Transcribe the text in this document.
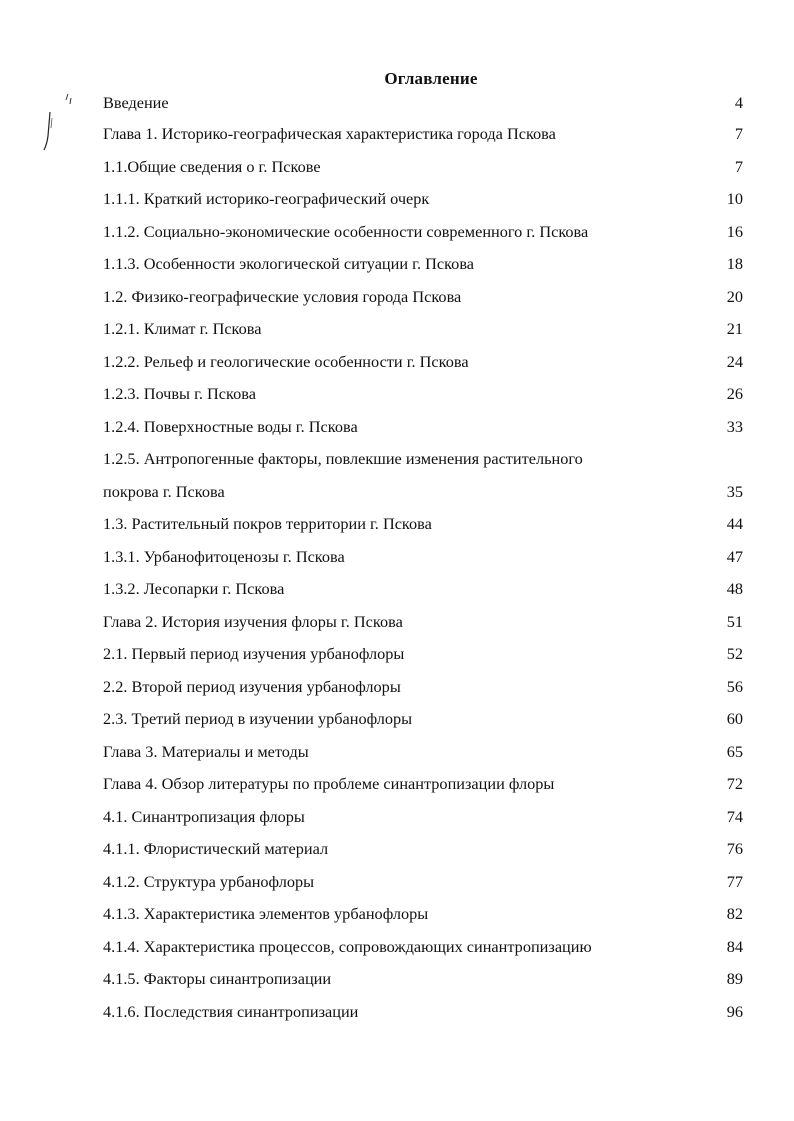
Оглавление
Введение	4
Глава 1. Историко-географическая характеристика города Пскова	7
1.1.Общие сведения о г. Пскове	7
1.1.1. Краткий историко-географический очерк	10
1.1.2. Социально-экономические особенности современного г. Пскова	16
1.1.3. Особенности экологической ситуации г. Пскова	18
1.2. Физико-географические условия города Пскова	20
1.2.1. Климат г. Пскова	21
1.2.2. Рельеф и геологические особенности г. Пскова	24
1.2.3. Почвы г. Пскова	26
1.2.4. Поверхностные воды г. Пскова	33
1.2.5. Антропогенные факторы, повлекшие изменения растительного
покрова г. Пскова	35
1.3. Растительный покров территории г. Пскова	44
1.3.1. Урбанофитоценозы г. Пскова	47
1.3.2. Лесопарки г. Пскова	48
Глава 2. История изучения флоры г. Пскова	51
2.1. Первый период изучения урбанофлоры	52
2.2. Второй период изучения урбанофлоры	56
2.3. Третий период в изучении урбанофлоры	60
Глава 3. Материалы и методы	65
Глава 4. Обзор литературы по проблеме синантропизации флоры	72
4.1. Синантропизация флоры	74
4.1.1. Флористический материал	76
4.1.2. Структура урбанофлоры	77
4.1.3. Характеристика элементов урбанофлоры	82
4.1.4. Характеристика процессов, сопровождающих синантропизацию	84
4.1.5. Факторы синантропизации	89
4.1.6. Последствия синантропизации	96
